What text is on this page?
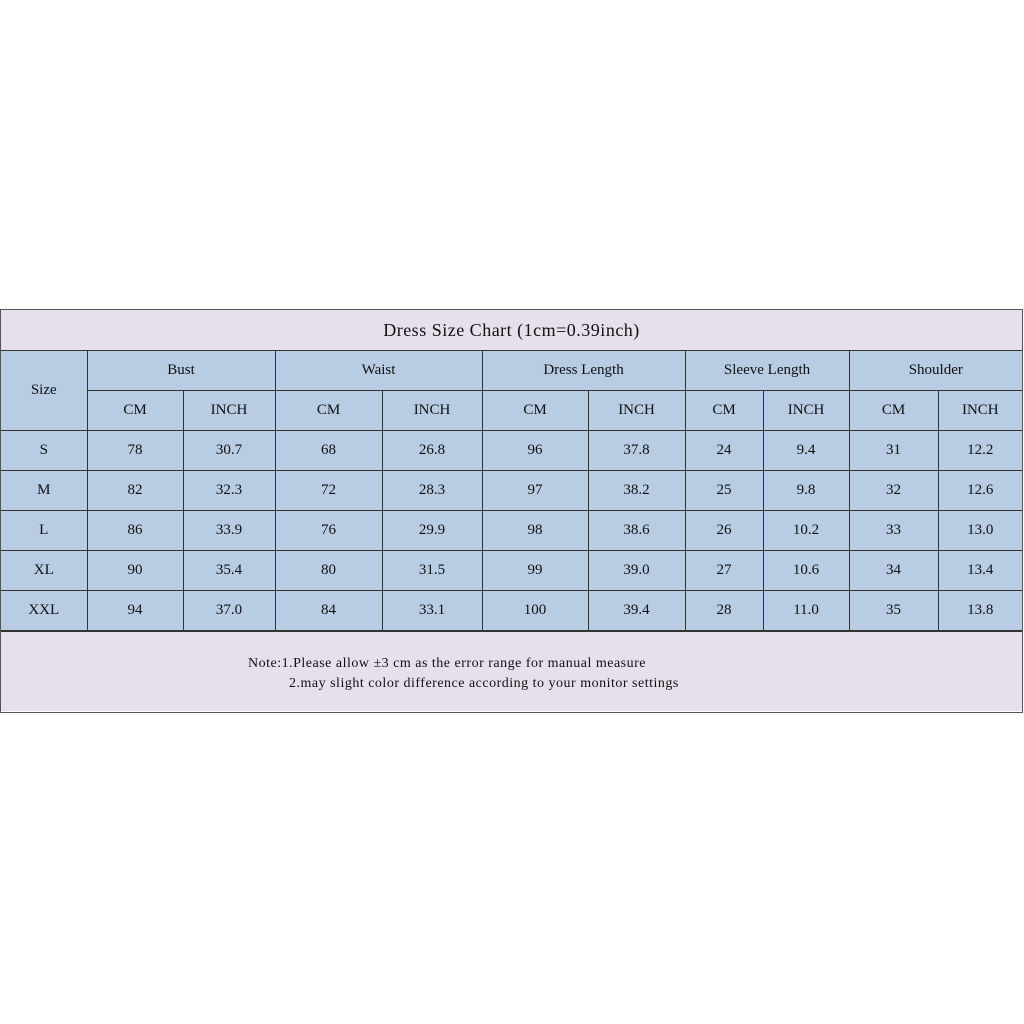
Dress Size Chart (1cm=0.39inch)
Size	Bust		Waist		Dress Length		Sleeve Length		Shoulder	
	CM	INCH	CM	INCH	CM	INCH	CM	INCH	CM	INCH
S	78	30.7	68	26.8	96	37.8	24	9.4	31	12.2
M	82	32.3	72	28.3	97	38.2	25	9.8	32	12.6
L	86	33.9	76	29.9	98	38.6	26	10.2	33	13.0
XL	90	35.4	80	31.5	99	39.0	27	10.6	34	13.4
XXL	94	37.0	84	33.1	100	39.4	28	11.0	35	13.8
Note:1.Please allow ±3 cm as the error range for manual measure
2.may slight color difference according to your monitor settings
